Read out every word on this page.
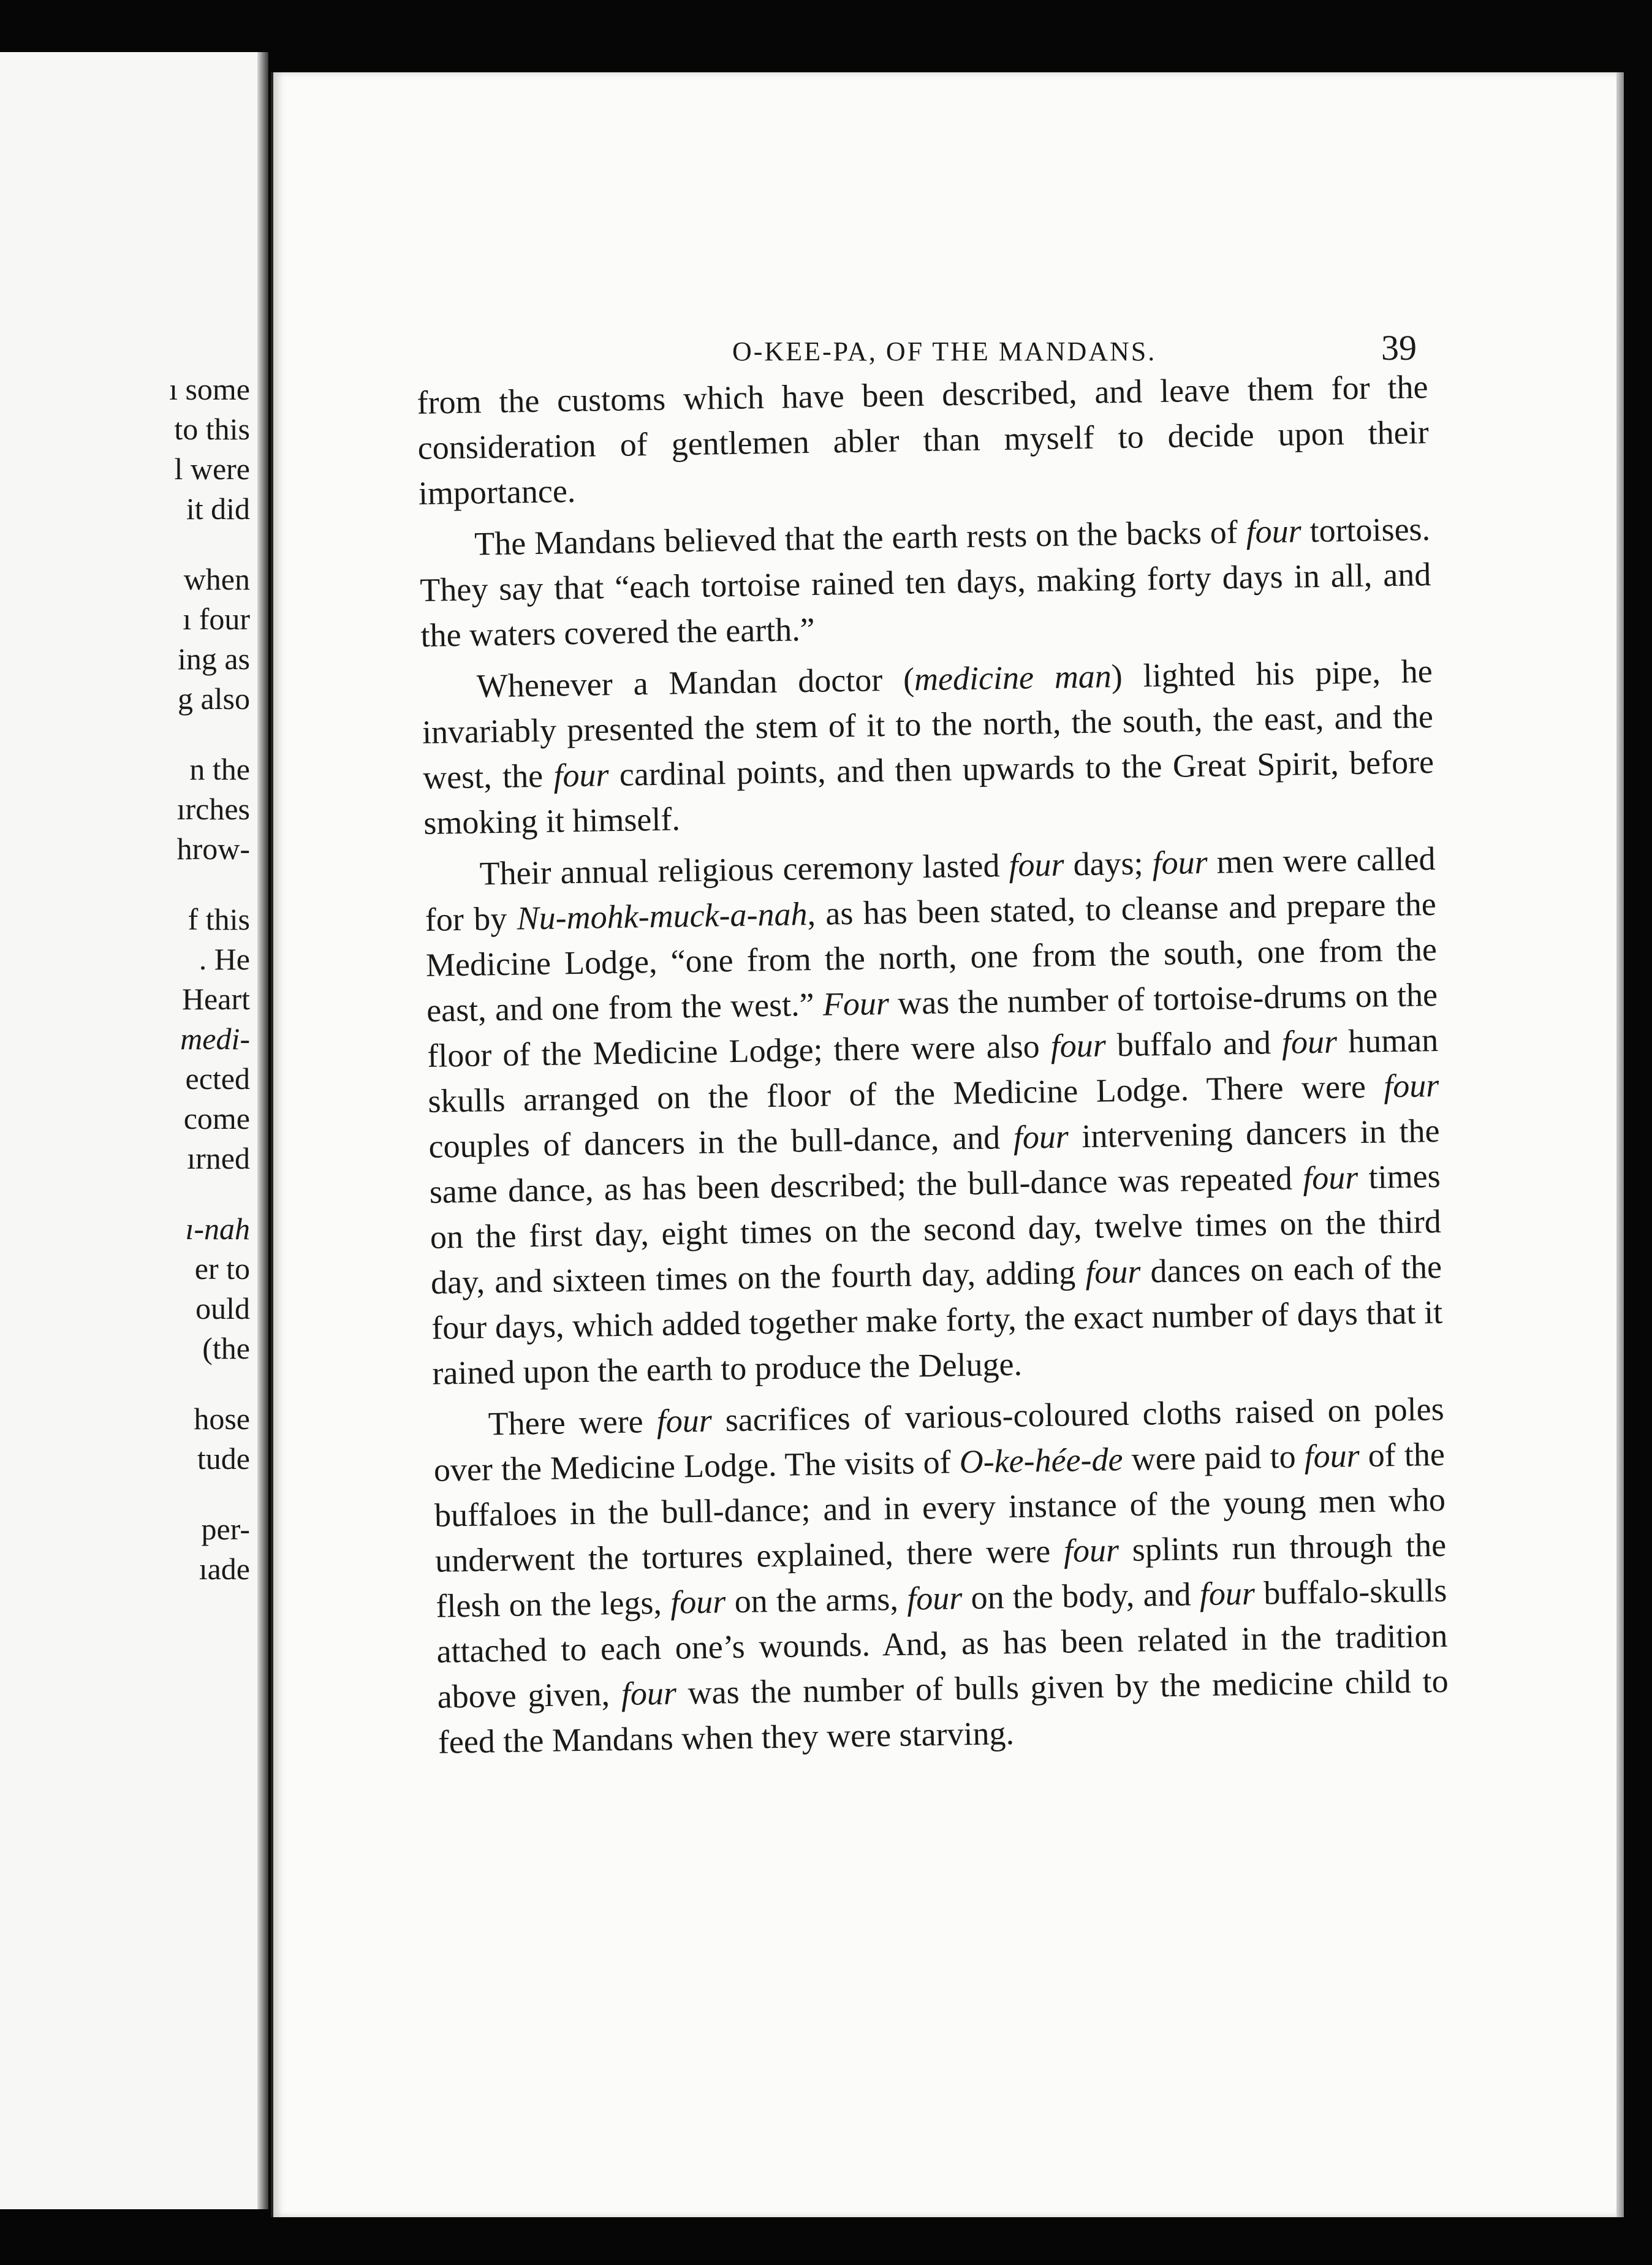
ı some
to this
l were
it did
when
ı four
ing as
g also
n the
ırches
hrow-
f this
. He
Heart
medi-
ected
come
ırned
ı-nah
er to
ould
(the
hose
tude
per-
ıade
O-KEE-PA, OF THE MANDANS.	39

from the customs which have been described, and leave them for the consideration of gentlemen abler than myself to decide upon their importance.

The Mandans believed that the earth rests on the backs of four tortoises. They say that “each tortoise rained ten days, making forty days in all, and the waters covered the earth.”

Whenever a Mandan doctor (medicine man) lighted his pipe, he invariably presented the stem of it to the north, the south, the east, and the west, the four cardinal points, and then upwards to the Great Spirit, before smoking it himself.

Their annual religious ceremony lasted four days; four men were called for by Nu-mohk-muck-a-nah, as has been stated, to cleanse and prepare the Medicine Lodge, “one from the north, one from the south, one from the east, and one from the west.” Four was the number of tortoise-drums on the floor of the Medicine Lodge; there were also four buffalo and four human skulls arranged on the floor of the Medicine Lodge. There were four couples of dancers in the bull-dance, and four intervening dancers in the same dance, as has been described; the bull-dance was repeated four times on the first day, eight times on the second day, twelve times on the third day, and sixteen times on the fourth day, adding four dances on each of the four days, which added together make forty, the exact number of days that it rained upon the earth to produce the Deluge.

There were four sacrifices of various-coloured cloths raised on poles over the Medicine Lodge. The visits of O-ke-hée-de were paid to four of the buffaloes in the bull-dance; and in every instance of the young men who underwent the tortures explained, there were four splints run through the flesh on the legs, four on the arms, four on the body, and four buffalo-skulls attached to each one’s wounds. And, as has been related in the tradition above given, four was the number of bulls given by the medicine child to feed the Mandans when they were starving.
